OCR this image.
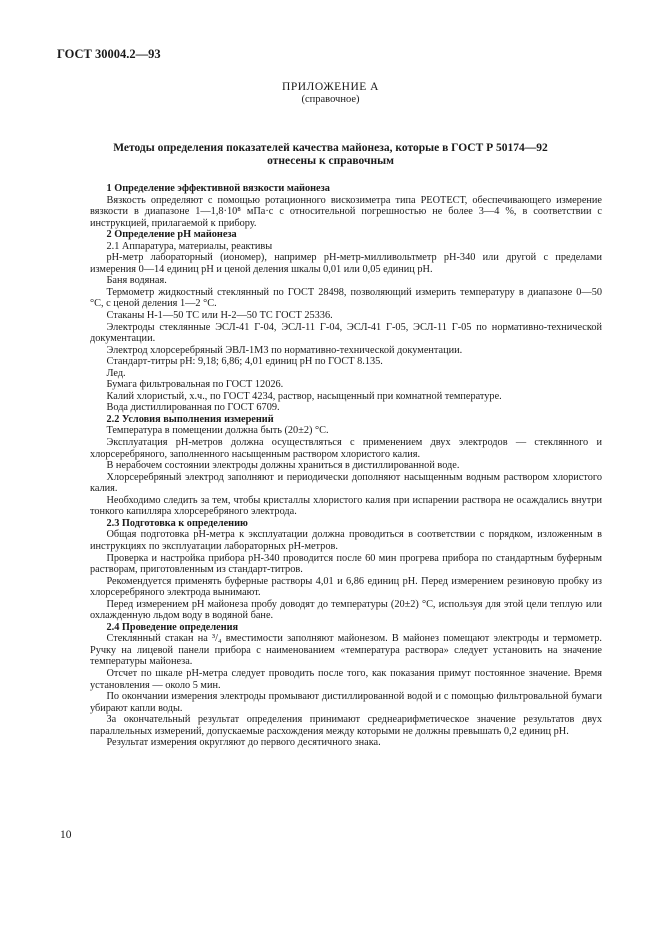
ГОСТ 30004.2—93
ПРИЛОЖЕНИЕ А
(справочное)
Методы определения показателей качества майонеза, которые в ГОСТ Р 50174—92
отнесены к справочным

1 Определение эффективной вязкости майонеза

Вязкость определяют с помощью ротационного вискозиметра типа РЕОТЕСТ, обеспечивающего измерение вязкости в диапазоне 1—1,8·10⁸ мПа·с с относительной погрешностью не более 3—4 %, в соответствии с инструкцией, прилагаемой к прибору.

2 Определение рН майонеза

2.1 Аппаратура, материалы, реактивы

рН-метр лабораторный (иономер), например рН-метр-милливольтметр рН-340 или другой с пределами измерения 0—14 единиц рН и ценой деления шкалы 0,01 или 0,05 единиц рН.

Баня водяная.

Термометр жидкостный стеклянный по ГОСТ 28498, позволяющий измерить температуру в диапазоне 0—50 °С, с ценой деления 1—2 °С.

Стаканы Н-1—50 ТС или Н-2—50 ТС ГОСТ 25336.

Электроды стеклянные ЭСЛ-41 Г-04, ЭСЛ-11 Г-04, ЭСЛ-41 Г-05, ЭСЛ-11 Г-05 по нормативно-технической документации.

Электрод хлорсеребряный ЭВЛ-1М3 по нормативно-технической документации.

Стандарт-титры рН: 9,18; 6,86; 4,01 единиц рН по ГОСТ 8.135.

Лед.

Бумага фильтровальная по ГОСТ 12026.

Калий хлористый, х.ч., по ГОСТ 4234, раствор, насыщенный при комнатной температуре.

Вода дистиллированная по ГОСТ 6709.

2.2 Условия выполнения измерений

Температура в помещении должна быть (20±2) °С.

Эксплуатация рН-метров должна осуществляться с применением двух электродов — стеклянного и хлорсеребряного, заполненного насыщенным раствором хлористого калия.

В нерабочем состоянии электроды должны храниться в дистиллированной воде.

Хлорсеребряный электрод заполняют и периодически дополняют насыщенным водным раствором хлористого калия.

Необходимо следить за тем, чтобы кристаллы хлористого калия при испарении раствора не осаждались внутри тонкого капилляра хлорсеребряного электрода.

2.3 Подготовка к определению

Общая подготовка рН-метра к эксплуатации должна проводиться в соответствии с порядком, изложенным в инструкциях по эксплуатации лабораторных рН-метров.

Проверка и настройка прибора рН-340 проводится после 60 мин прогрева прибора по стандартным буферным растворам, приготовленным из стандарт-титров.

Рекомендуется применять буферные растворы 4,01 и 6,86 единиц рН. Перед измерением резиновую пробку из хлорсеребряного электрода вынимают.

Перед измерением рН майонеза пробу доводят до температуры (20±2) °С, используя для этой цели теплую или охлажденную льдом воду в водяной бане.

2.4 Проведение определения

Стеклянный стакан на ³/₄ вместимости заполняют майонезом. В майонез помещают электроды и термометр. Ручку на лицевой панели прибора с наименованием «температура раствора» следует установить на значение температуры майонеза.

Отсчет по шкале рН-метра следует проводить после того, как показания примут постоянное значение. Время установления — около 5 мин.

По окончании измерения электроды промывают дистиллированной водой и с помощью фильтровальной бумаги убирают капли воды.

За окончательный результат определения принимают среднеарифметическое значение результатов двух параллельных измерений, допускаемые расхождения между которыми не должны превышать 0,2 единиц рН.

Результат измерения округляют до первого десятичного знака.

10
